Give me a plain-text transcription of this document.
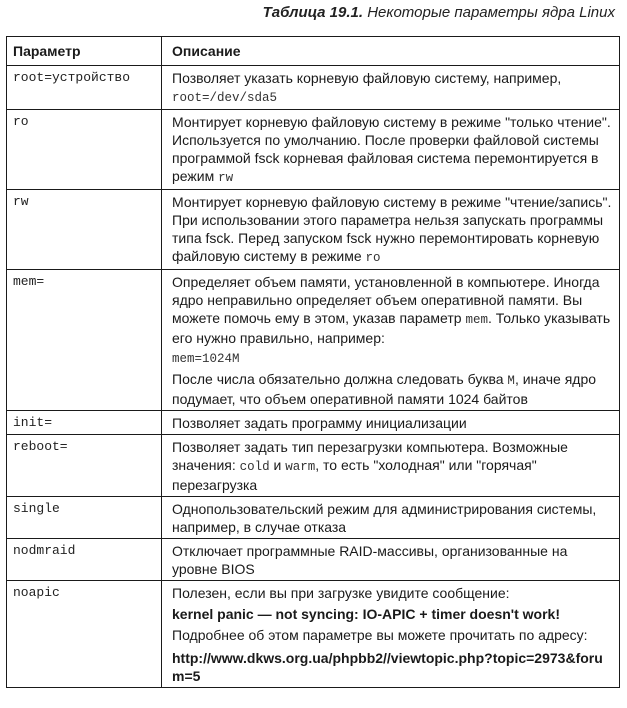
Таблица 19.1. Некоторые параметры ядра Linux
Параметр	Описание
root=устройство	Позволяет указать корневую файловую систему, например, root=/dev/sda5
ro	Монтирует корневую файловую систему в режиме "только чтение". Используется по умолчанию. После проверки файловой системы программой fsck корневая файловая система перемонтируется в режим rw
rw	Монтирует корневую файловую систему в режиме "чтение/запись". При использовании этого параметра нельзя запускать программы типа fsck. Перед запуском fsck нужно перемонтировать корневую файловую систему в режиме ro
mem=	Определяет объем памяти, установленной в компьютере. Иногда ядро неправильно определяет объем оперативной памяти. Вы можете помочь ему в этом, указав параметр mem. Только указывать его нужно правильно, например:
mem=1024M
После числа обязательно должна следовать буква M, иначе ядро подумает, что объем оперативной памяти 1024 байтов

init=	Позволяет задать программу инициализации
reboot=	Позволяет задать тип перезагрузки компьютера. Возможные значения: cold и warm, то есть "холодная" или "горячая" перезагрузка
single	Однопользовательский режим для администрирования системы, например, в случае отказа
nodmraid	Отключает программные RAID-массивы, организованные на уровне BIOS
noapic	Полезен, если вы при загрузке увидите сообщение:
kernel panic — not syncing: IO-APIC + timer doesn't work!
Подробнее об этом параметре вы можете прочитать по адресу:
http://www.dkws.org.ua/phpbb2//viewtopic.php?topic=2973&forum=5
